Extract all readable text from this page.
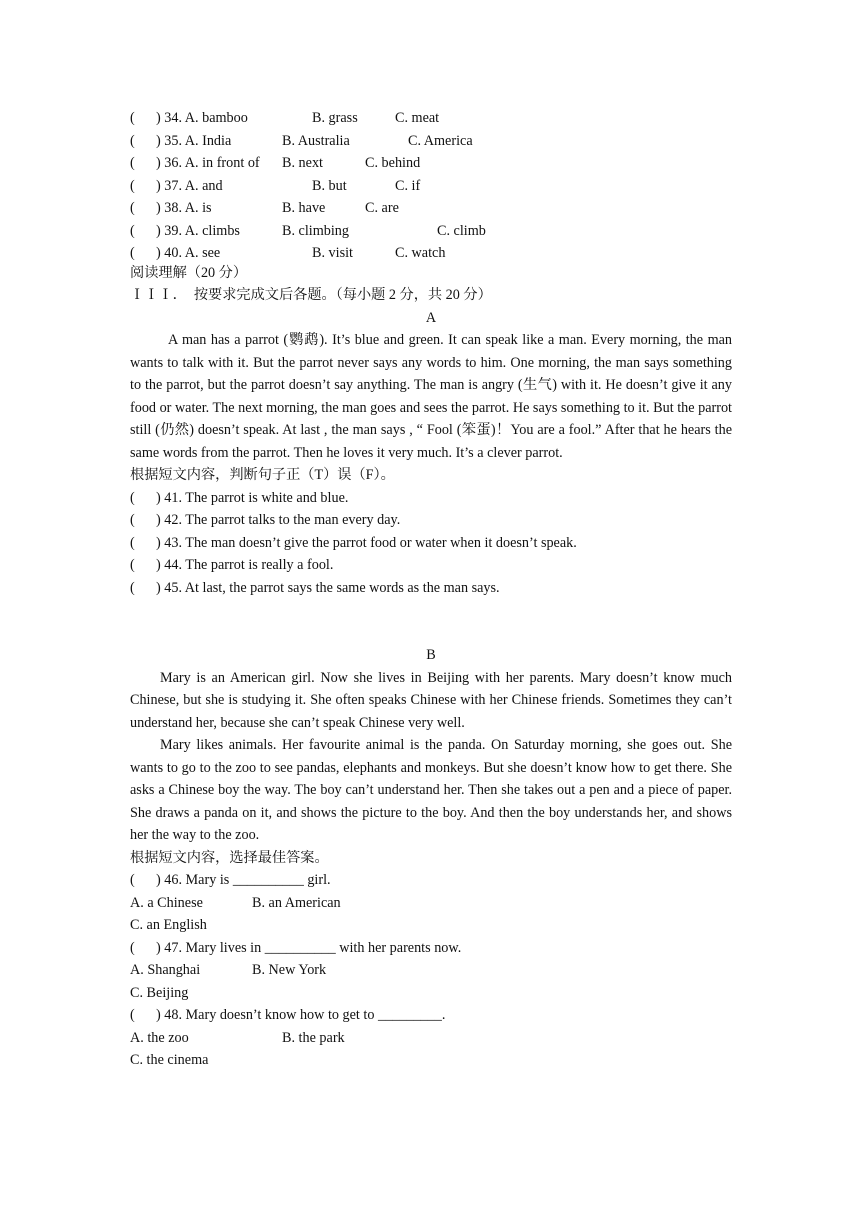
(      ) 34. A. bamboo

	B. grass

	C. meat

(      ) 35. A. India

	B. Australia

	C. America

(      ) 36. A. in front of

B. next

	C. behind

(      ) 37. A. and

	B. but

	C. if

(      ) 38. A. is

	B. have

	C. are

(      ) 39. A. climbs

	B. climbing

	C. climb

(      ) 40. A. see

	B. visit

	C. watch

阅读理解（20 分）
ＩＩＩ．  按要求完成文后各题。（每小题 2 分，共 20 分）
A
A man has a parrot (鹦鹉). It’s blue and green. It can speak like a man. Every morning, the man wants to talk with it. But the parrot never says any words to him. One morning, the man says something to the parrot, but the parrot doesn’t say anything. The man is angry (生气) with it. He doesn’t give it any food or water. The next morning, the man goes and sees the parrot. He says something to it. But the parrot still (仍然) doesn’t speak. At last , the man says , “ Fool (笨蛋)！You are a fool.” After that he hears the same words from the parrot. Then he loves it very much. It’s a clever parrot.
根据短文内容，判断句子正（T）误（F）。
(      ) 41. The parrot is white and blue.
(      ) 42. The parrot talks to the man every day.
(      ) 43. The man doesn’t give the parrot food or water when it doesn’t speak.
(      ) 44. The parrot is really a fool.
(      ) 45. At last, the parrot says the same words as the man says.
B
Mary is an American girl. Now she lives in Beijing with her parents. Mary doesn’t know much Chinese, but she is studying it. She often speaks Chinese with her Chinese friends. Sometimes they can’t understand her, because she can’t speak Chinese very well.
Mary likes animals. Her favourite animal is the panda. On Saturday morning, she goes out. She wants to go to the zoo to see pandas, elephants and monkeys. But she doesn’t know how to get there. She asks a Chinese boy the way. The boy can’t understand her. Then she takes out a pen and a piece of paper. She draws a panda on it, and shows the picture to the boy. And then the boy understands her, and shows her the way to the zoo.
根据短文内容，选择最佳答案。
(      ) 46. Mary is __________ girl.

A. a Chinese

	B. an American

C. an English
(      ) 47. Mary lives in __________ with her parents now.

A. Shanghai

	B. New York

C. Beijing
(      ) 48. Mary doesn’t know how to get to _________.

A. the zoo

	B. the park

C. the cinema
